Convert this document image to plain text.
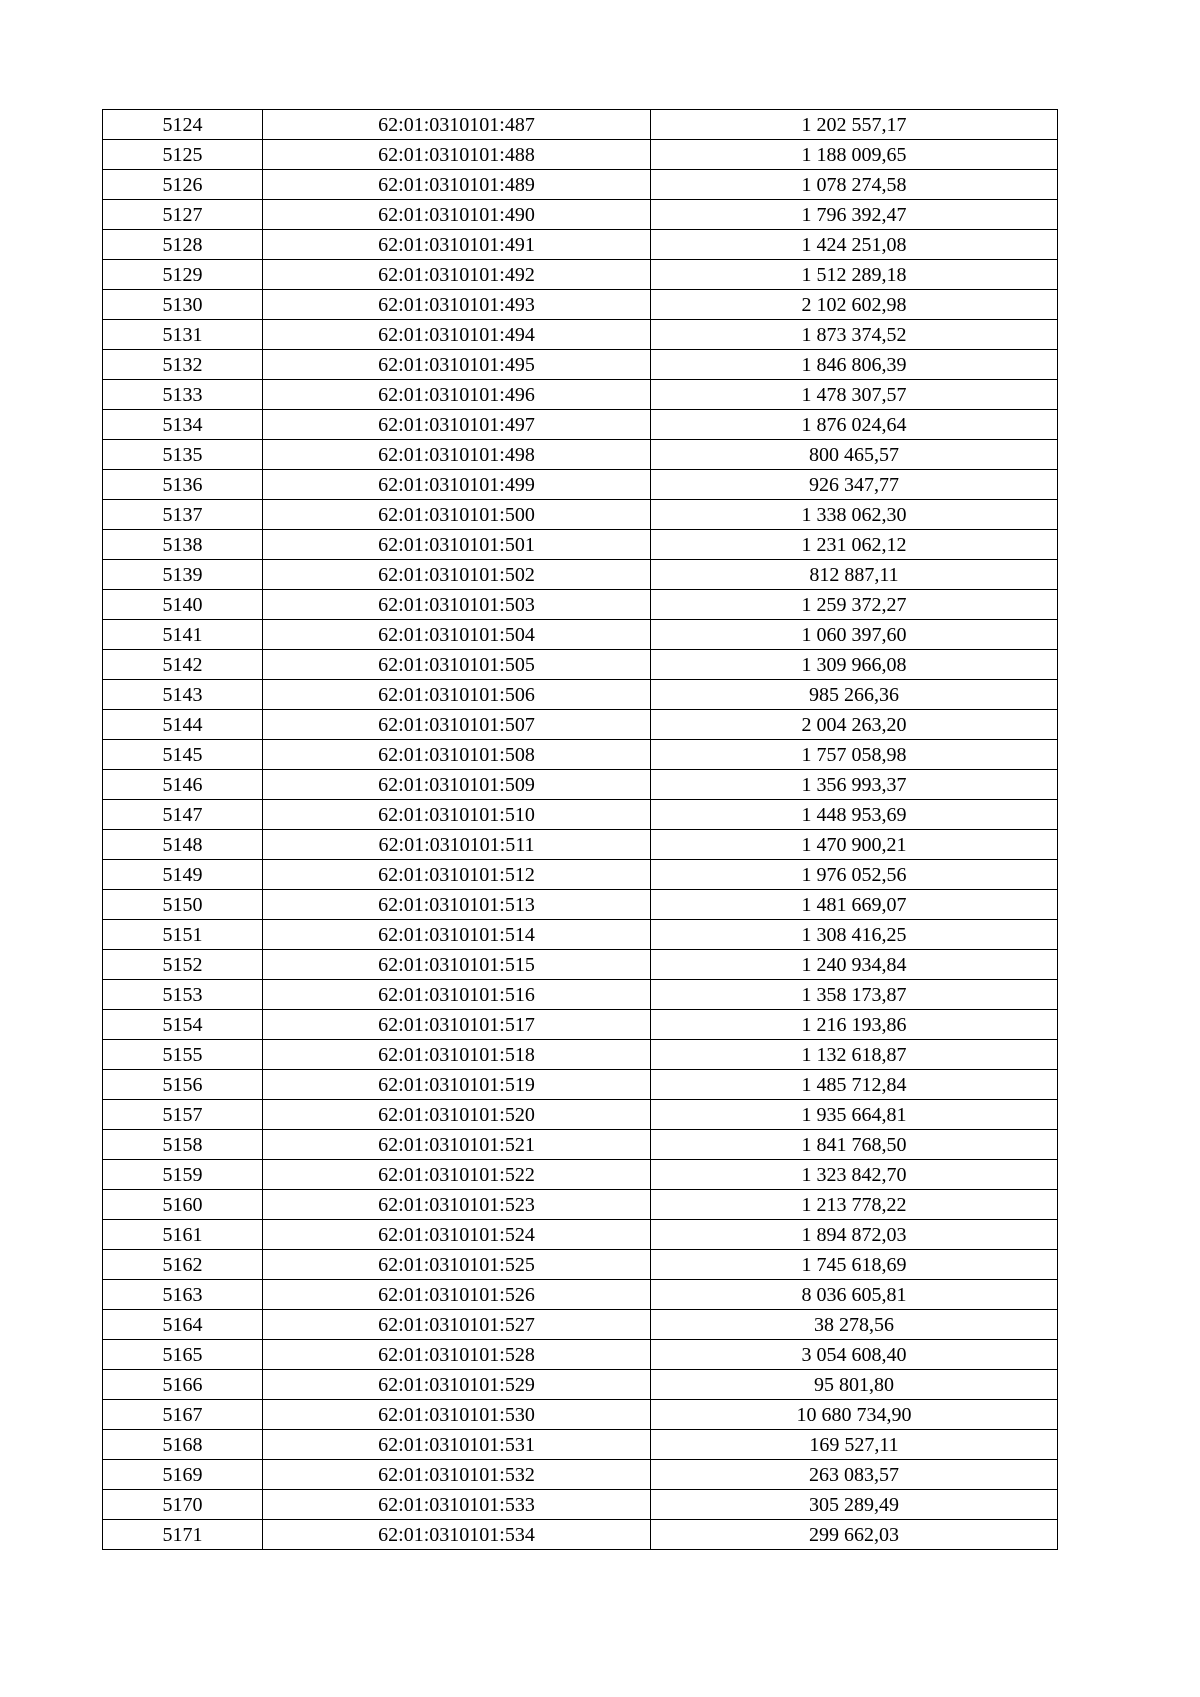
5124	62:01:0310101:487	1 202 557,17
5125	62:01:0310101:488	1 188 009,65
5126	62:01:0310101:489	1 078 274,58
5127	62:01:0310101:490	1 796 392,47
5128	62:01:0310101:491	1 424 251,08
5129	62:01:0310101:492	1 512 289,18
5130	62:01:0310101:493	2 102 602,98
5131	62:01:0310101:494	1 873 374,52
5132	62:01:0310101:495	1 846 806,39
5133	62:01:0310101:496	1 478 307,57
5134	62:01:0310101:497	1 876 024,64
5135	62:01:0310101:498	800 465,57
5136	62:01:0310101:499	926 347,77
5137	62:01:0310101:500	1 338 062,30
5138	62:01:0310101:501	1 231 062,12
5139	62:01:0310101:502	812 887,11
5140	62:01:0310101:503	1 259 372,27
5141	62:01:0310101:504	1 060 397,60
5142	62:01:0310101:505	1 309 966,08
5143	62:01:0310101:506	985 266,36
5144	62:01:0310101:507	2 004 263,20
5145	62:01:0310101:508	1 757 058,98
5146	62:01:0310101:509	1 356 993,37
5147	62:01:0310101:510	1 448 953,69
5148	62:01:0310101:511	1 470 900,21
5149	62:01:0310101:512	1 976 052,56
5150	62:01:0310101:513	1 481 669,07
5151	62:01:0310101:514	1 308 416,25
5152	62:01:0310101:515	1 240 934,84
5153	62:01:0310101:516	1 358 173,87
5154	62:01:0310101:517	1 216 193,86
5155	62:01:0310101:518	1 132 618,87
5156	62:01:0310101:519	1 485 712,84
5157	62:01:0310101:520	1 935 664,81
5158	62:01:0310101:521	1 841 768,50
5159	62:01:0310101:522	1 323 842,70
5160	62:01:0310101:523	1 213 778,22
5161	62:01:0310101:524	1 894 872,03
5162	62:01:0310101:525	1 745 618,69
5163	62:01:0310101:526	8 036 605,81
5164	62:01:0310101:527	38 278,56
5165	62:01:0310101:528	3 054 608,40
5166	62:01:0310101:529	95 801,80
5167	62:01:0310101:530	10 680 734,90
5168	62:01:0310101:531	169 527,11
5169	62:01:0310101:532	263 083,57
5170	62:01:0310101:533	305 289,49
5171	62:01:0310101:534	299 662,03
